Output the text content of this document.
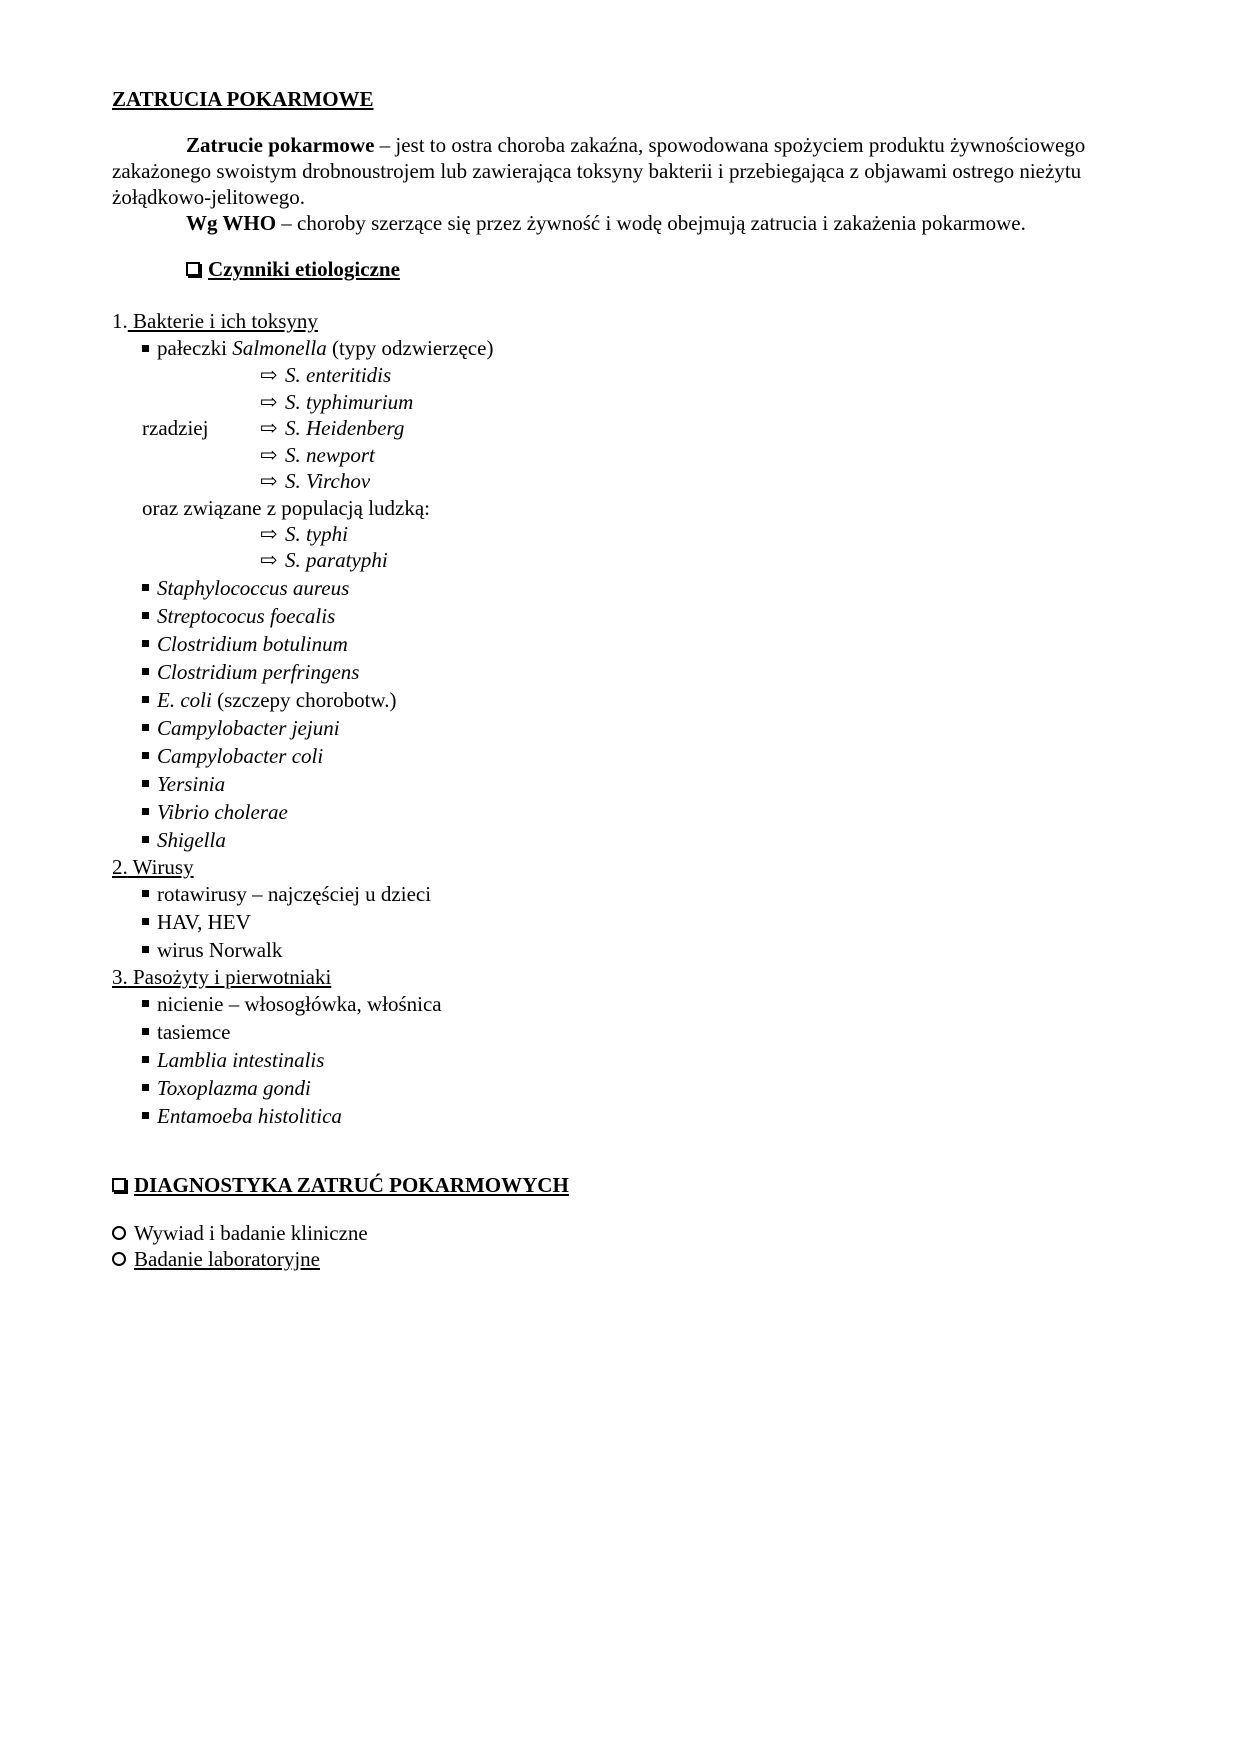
ZATRUCIA POKARMOWE

Zatrucie pokarmowe – jest to ostra choroba zakaźna, spowodowana spożyciem produktu żywnościowego zakażonego swoistym drobnoustrojem lub zawierająca toksyny bakterii i przebiegająca z objawami ostrego nieżytu żołądkowo-jelitowego.

Wg WHO – choroby szerzące się przez żywność i wodę obejmują zatrucia i zakażenia pokarmowe.

Czynniki etiologiczne
1. Bakterie i ich toksyny
pałeczki Salmonella (typy odzwierzęce)
⇨ S. enteritidis
⇨ S. typhimurium
rzadziej ⇨ S. Heidenberg
⇨ S. newport
⇨ S. Virchov
oraz związane z populacją ludzką:
⇨ S. typhi
⇨ S. paratyphi
Staphylococcus aureus
Streptococus foecalis
Clostridium botulinum
Clostridium perfringens
E. coli (szczepy chorobotw.)
Campylobacter jejuni
Campylobacter coli
Yersinia
Vibrio cholerae
Shigella
2. Wirusy
rotawirusy – najczęściej u dzieci
HAV, HEV
wirus Norwalk
3. Pasożyty i pierwotniaki
nicienie – włosogłówka, włośnica
tasiemce
Lamblia intestinalis
Toxoplazma gondi
Entamoeba histolitica
DIAGNOSTYKA ZATRUĆ POKARMOWYCH
Wywiad i badanie kliniczne
Badanie laboratoryjne
